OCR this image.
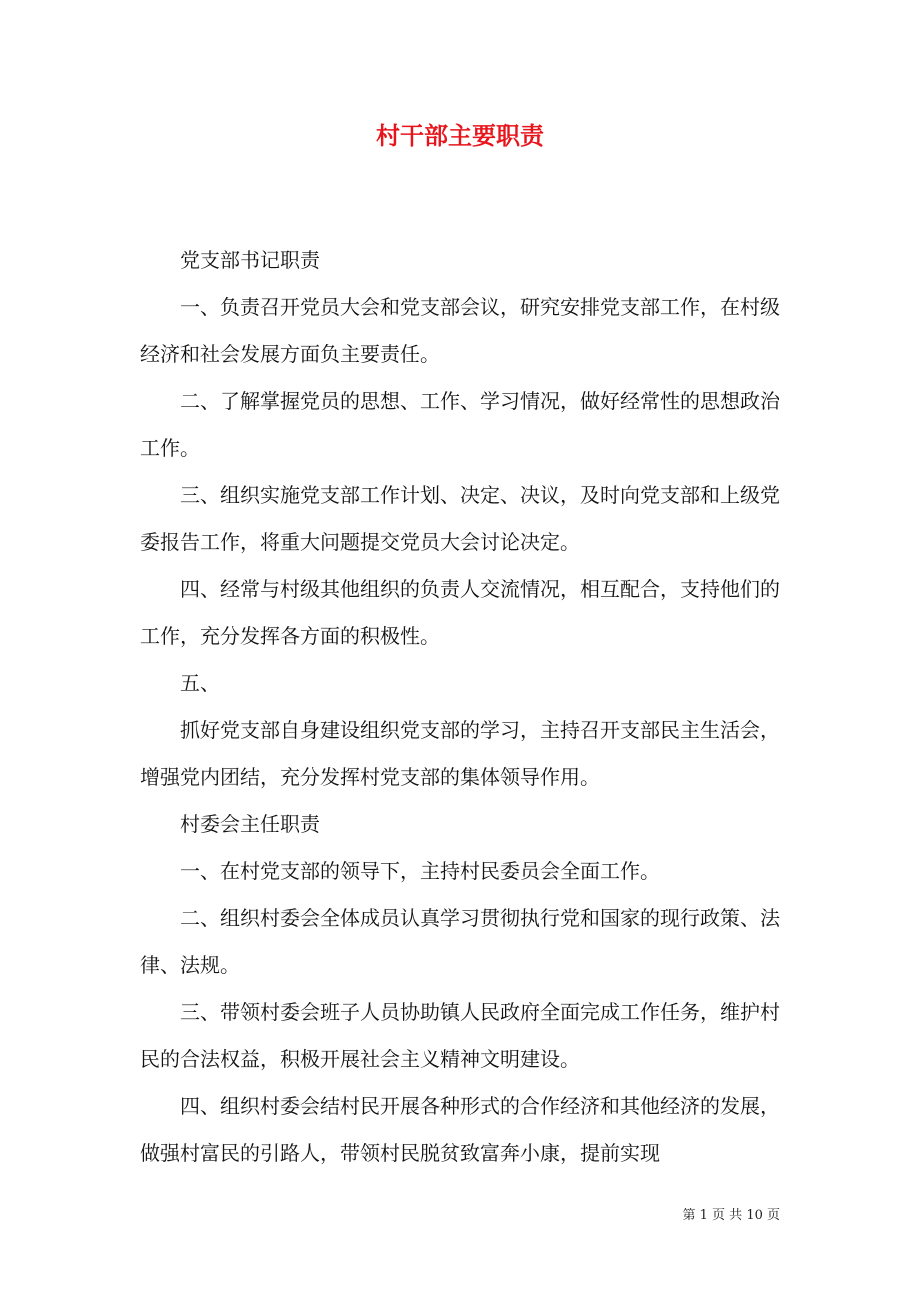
村干部主要职责

党支部书记职责

一、负责召开党员大会和党支部会议，研究安排党支部工作，在村级经济和社会发展方面负主要责任。

二、了解掌握党员的思想、工作、学习情况，做好经常性的思想政治工作。

三、组织实施党支部工作计划、决定、决议，及时向党支部和上级党委报告工作，将重大问题提交党员大会讨论决定。

四、经常与村级其他组织的负责人交流情况，相互配合，支持他们的工作，充分发挥各方面的积极性。

五、

抓好党支部自身建设组织党支部的学习，主持召开支部民主生活会，增强党内团结，充分发挥村党支部的集体领导作用。

村委会主任职责

一、在村党支部的领导下，主持村民委员会全面工作。

二、组织村委会全体成员认真学习贯彻执行党和国家的现行政策、法律、法规。

三、带领村委会班子人员协助镇人民政府全面完成工作任务，维护村民的合法权益，积极开展社会主义精神文明建设。

四、组织村委会结村民开展各种形式的合作经济和其他经济的发展，做强村富民的引路人，带领村民脱贫致富奔小康，提前实现

第 1 页 共 10 页
